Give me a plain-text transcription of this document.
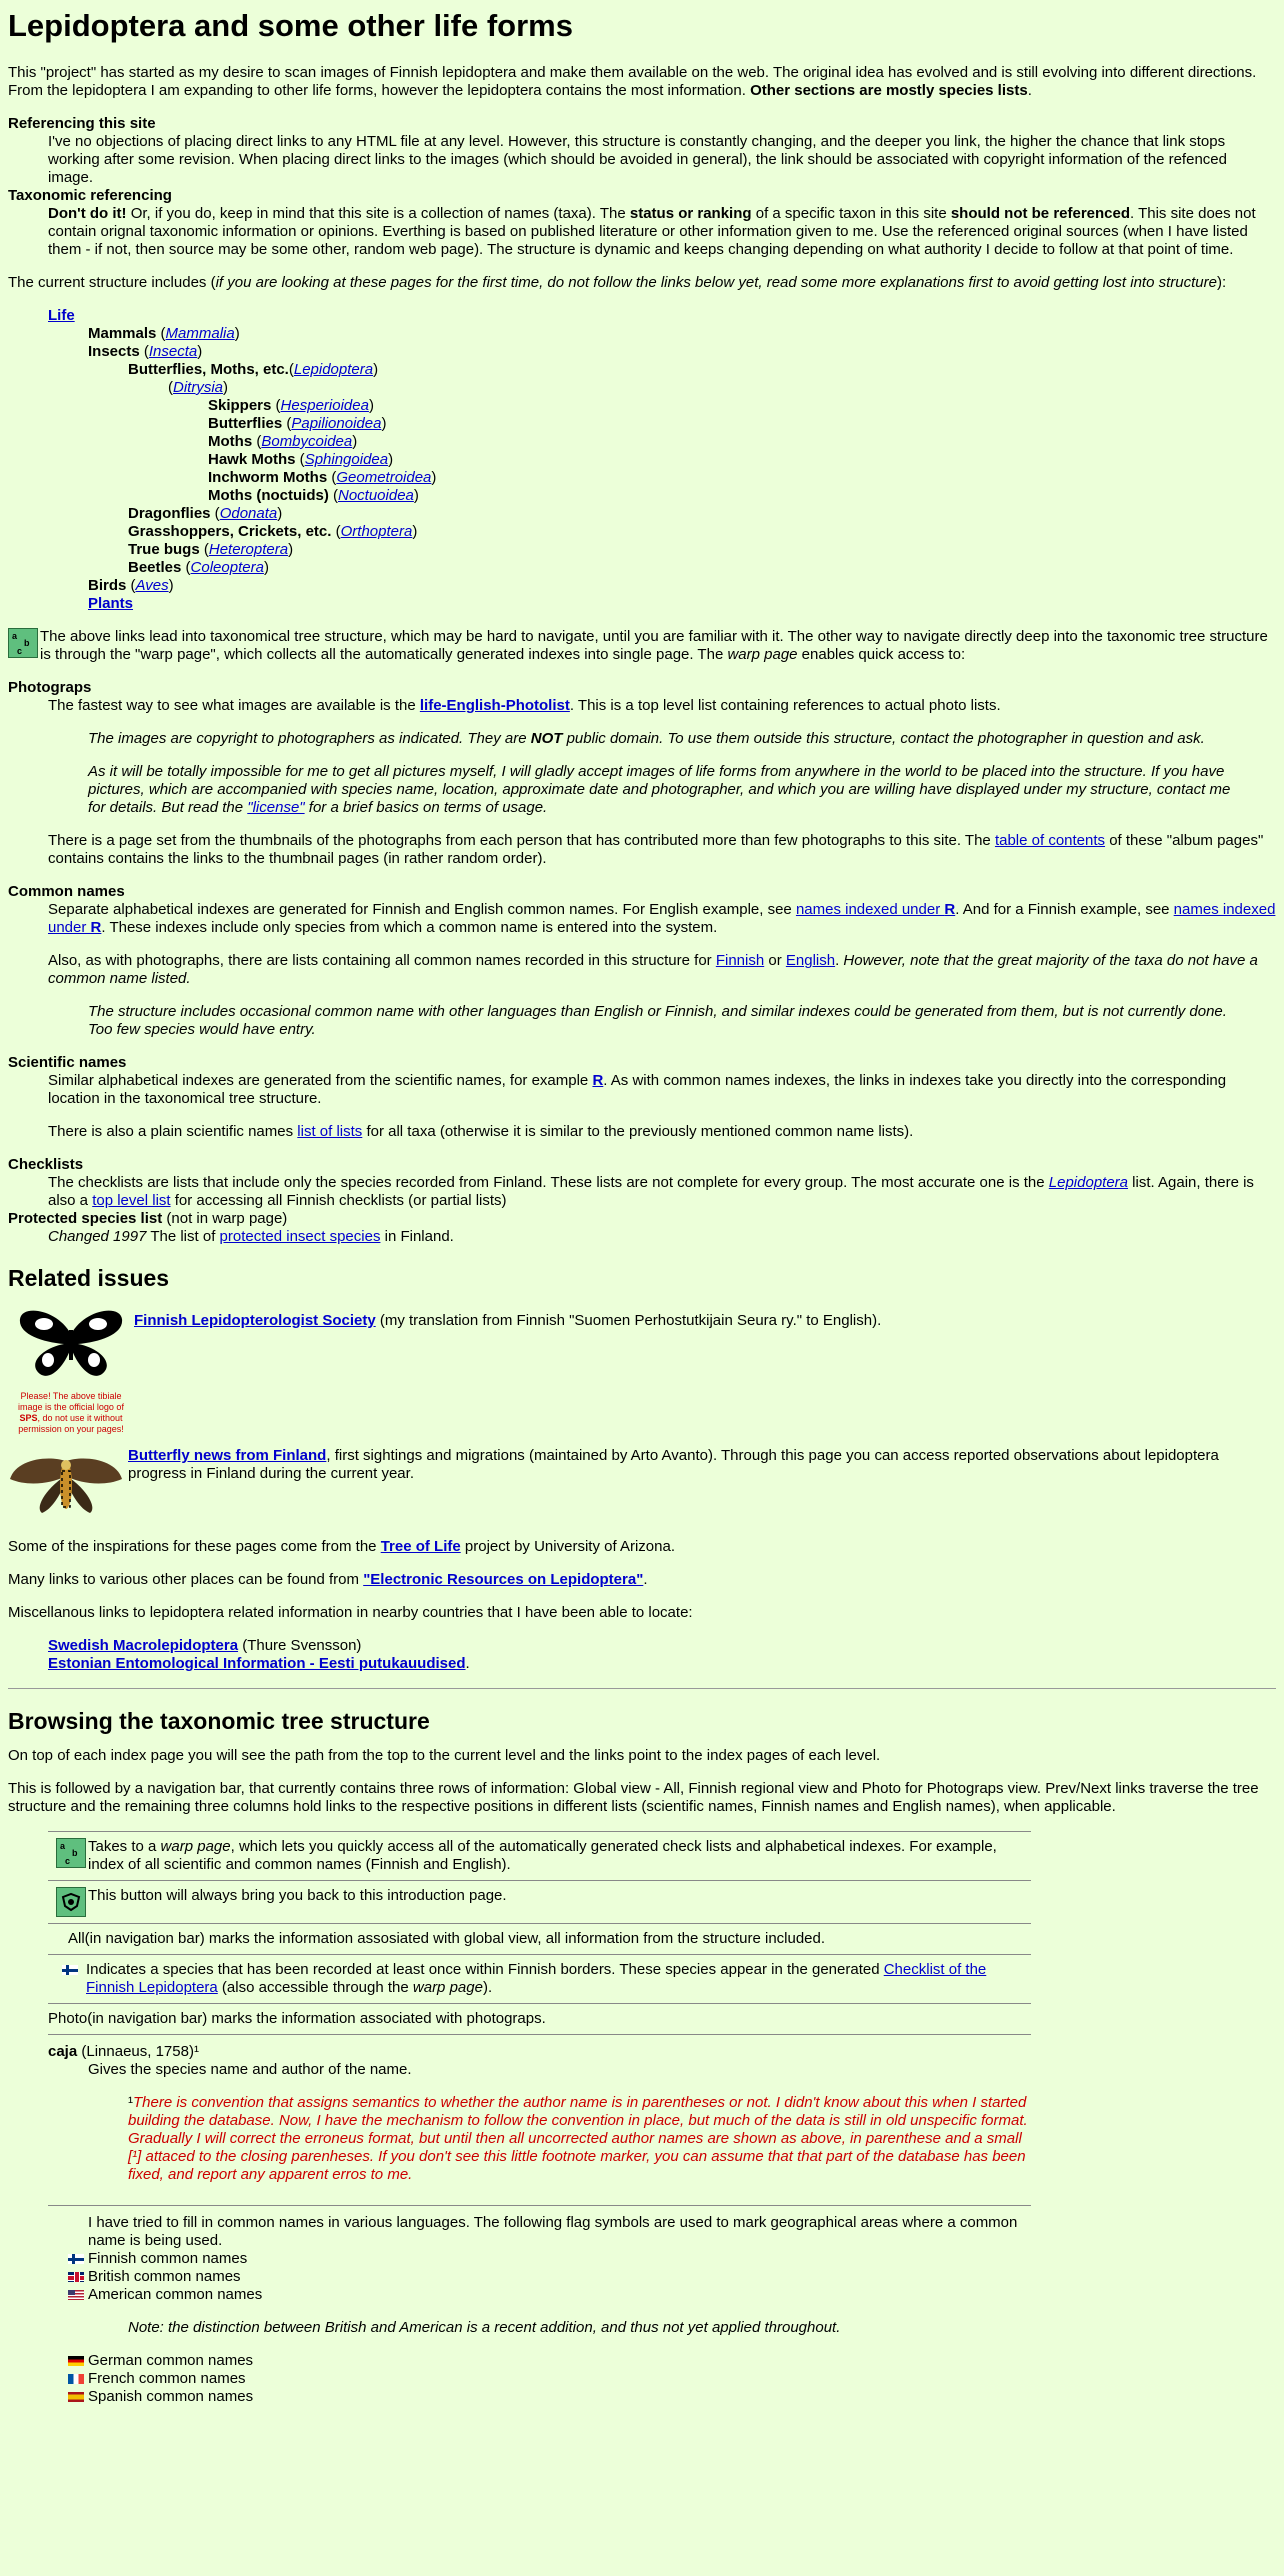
Lepidoptera and some other life forms

This "project" has started as my desire to scan images of Finnish lepidoptera and make them available on the web. The original idea has evolved and is still evolving into different directions. From the lepidoptera I am expanding to other life forms, however the lepidoptera contains the most information. Other sections are mostly species lists.

Referencing this site
I've no objections of placing direct links to any HTML file at any level. However, this structure is constantly changing, and the deeper you link, the higher the chance that link stops working after some revision. When placing direct links to the images (which should be avoided in general), the link should be associated with copyright information of the refenced image.
Taxonomic referencing
Don't do it! Or, if you do, keep in mind that this site is a collection of names (taxa). The status or ranking of a specific taxon in this site should not be referenced. This site does not contain orignal taxonomic information or opinions. Everthing is based on published literature or other information given to me. Use the referenced original sources (when I have listed them - if not, then source may be some other, random web page). The structure is dynamic and keeps changing depending on what authority I decide to follow at that point of time.

The current structure includes (if you are looking at these pages for the first time, do not follow the links below yet, read some more explanations first to avoid getting lost into structure):

Life
Mammals (Mammalia)
Insects (Insecta)
Butterflies, Moths, etc.(Lepidoptera)
(Ditrysia)
Skippers (Hesperioidea)
Butterflies (Papilionoidea)
Moths (Bombycoidea)
Hawk Moths (Sphingoidea)
Inchworm Moths (Geometroidea)
Moths (noctuids) (Noctuoidea)
Dragonflies (Odonata)
Grasshoppers, Crickets, etc. (Orthoptera)
True bugs (Heteroptera)
Beetles (Coleoptera)
Birds (Aves)
Plants
a
b
c
The above links lead into taxonomical tree structure, which may be hard to navigate, until you are familiar with it. The other way to navigate directly deep into the taxonomic tree structure is through the "warp page", which collects all the automatically generated indexes into single page. The warp page enables quick access to:
Photograps

The fastest way to see what images are available is the life-English-Photolist. This is a top level list containing references to actual photo lists.

The images are copyright to photographers as indicated. They are NOT public domain. To use them outside this structure, contact the photographer in question and ask.
As it will be totally impossible for me to get all pictures myself, I will gladly accept images of life forms from anywhere in the world to be placed into the structure. If you have pictures, which are accompanied with species name, location, approximate date and photographer, and which you are willing have displayed under my structure, contact me for details. But read the "license" for a brief basics on terms of usage.

There is a page set from the thumbnails of the photographs from each person that has contributed more than few photographs to this site. The table of contents of these "album pages" contains contains the links to the thumbnail pages (in rather random order).

Common names

Separate alphabetical indexes are generated for Finnish and English common names. For English example, see names indexed under R. And for a Finnish example, see names indexed under R. These indexes include only species from which a common name is entered into the system.

Also, as with photographs, there are lists containing all common names recorded in this structure for Finnish or English. However, note that the great majority of the taxa do not have a common name listed.

The structure includes occasional common name with other languages than English or Finnish, and similar indexes could be generated from them, but is not currently done. Too few species would have entry.
Scientific names

Similar alphabetical indexes are generated from the scientific names, for example R. As with common names indexes, the links in indexes take you directly into the corresponding location in the taxonomical tree structure.

There is also a plain scientific names list of lists for all taxa (otherwise it is similar to the previously mentioned common name lists).

Checklists
The checklists are lists that include only the species recorded from Finland. These lists are not complete for every group. The most accurate one is the Lepidoptera list. Again, there is also a top level list for accessing all Finnish checklists (or partial lists)
Protected species list (not in warp page)
Changed 1997 The list of protected insect species in Finland.
Related issues
Please! The above tibiale image is the official logo of SPS, do not use it without permission on your pages!
Finnish Lepidopterologist Society (my translation from Finnish "Suomen Perhostutkijain Seura ry." to English).
Butterfly news from Finland, first sightings and migrations (maintained by Arto Avanto). Through this page you can access reported observations about lepidoptera progress in Finland during the current year.

Some of the inspirations for these pages come from the Tree of Life project by University of Arizona.

Many links to various other places can be found from "Electronic Resources on Lepidoptera".

Miscellanous links to lepidoptera related information in nearby countries that I have been able to locate:

Swedish Macrolepidoptera (Thure Svensson)
Estonian Entomological Information - Eesti putukauudised.
Browsing the taxonomic tree structure

On top of each index page you will see the path from the top to the current level and the links point to the index pages of each level.

This is followed by a navigation bar, that currently contains three rows of information: Global view - All, Finnish regional view and Photo for Photograps view. Prev/Next links traverse the tree structure and the remaining three columns hold links to the respective positions in different lists (scientific names, Finnish names and English names), when applicable.

a
b
c
Takes to a warp page, which lets you quickly access all of the automatically generated check lists and alphabetical indexes. For example, index of all scientific and common names (Finnish and English).
This button will always bring you back to this introduction page.
All(in navigation bar) marks the information assosiated with global view, all information from the structure included.
Indicates a species that has been recorded at least once within Finnish borders. These species appear in the generated Checklist of the Finnish Lepidoptera (also accessible through the warp page).
Photo(in navigation bar) marks the information associated with photograps.
caja (Linnaeus, 1758)¹
Gives the species name and author of the name.
¹There is convention that assigns semantics to whether the author name is in parentheses or not. I didn't know about this when I started building the database. Now, I have the mechanism to follow the convention in place, but much of the data is still in old unspecific format. Gradually I will correct the erroneus format, but until then all uncorrected author names are shown as above, in parenthese and a small [¹] attaced to the closing parenheses. If you don't see this little footnote marker, you can assume that that part of the database has been fixed, and report any apparent erros to me.
I have tried to fill in common names in various languages. The following flag symbols are used to mark geographical areas where a common name is being used.
Finnish common names
British common names
American common names
Note: the distinction between British and American is a recent addition, and thus not yet applied throughout.
German common names
French common names
Spanish common names
